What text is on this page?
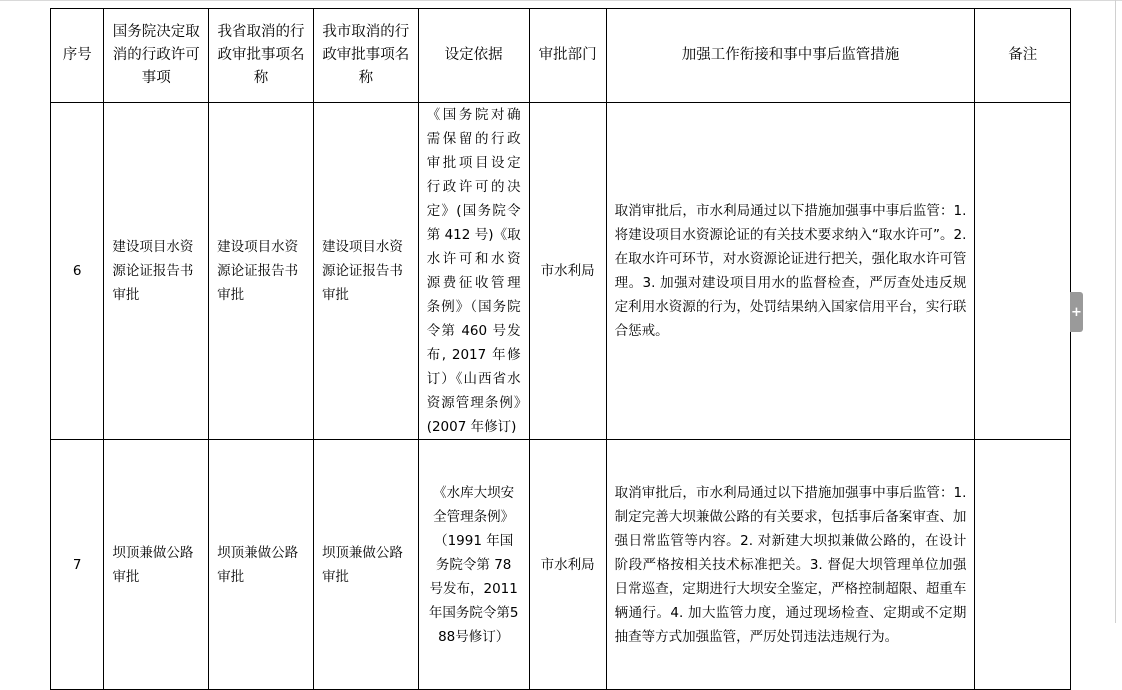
序号	国务院决定取消的行政许可事项	我省取消的行政审批事项名称	我市取消的行政审批事项名称	设定依据	审批部门	加强工作衔接和事中事后监管措施	备注
6	建设项目水资源论证报告书审批	建设项目水资源论证报告书审批	建设项目水资源论证报告书审批	《国务院对确需保留的行政审批项目设定行政许可的决定》(国务院令第 412 号)《取水许可和水资源费征收管理条例》（国务院令第 460 号发布, 2017 年修订）《山西省水资源管理条例》(2007 年修订)	市水利局	取消审批后，市水利局通过以下措施加强事中事后监管：1. 将建设项目水资源论证的有关技术要求纳入“取水许可”。2. 在取水许可环节，对水资源论证进行把关，强化取水许可管理。3. 加强对建设项目用水的监督检查，严厉查处违反规定利用水资源的行为，处罚结果纳入国家信用平台，实行联合惩戒。	
7	坝顶兼做公路审批	坝顶兼做公路审批	坝顶兼做公路审批	《水库大坝安全管理条例》（1991 年国务院令第 78 号发布，2011 年国务院令第588号修订）	市水利局	取消审批后，市水利局通过以下措施加强事中事后监管：1. 制定完善大坝兼做公路的有关要求，包括事后备案审查、加强日常监管等内容。2. 对新建大坝拟兼做公路的，在设计阶段严格按相关技术标准把关。3. 督促大坝管理单位加强日常巡查，定期进行大坝安全鉴定，严格控制超限、超重车辆通行。4. 加大监管力度，通过现场检查、定期或不定期抽查等方式加强监管，严厉处罚违法违规行为。	
+
